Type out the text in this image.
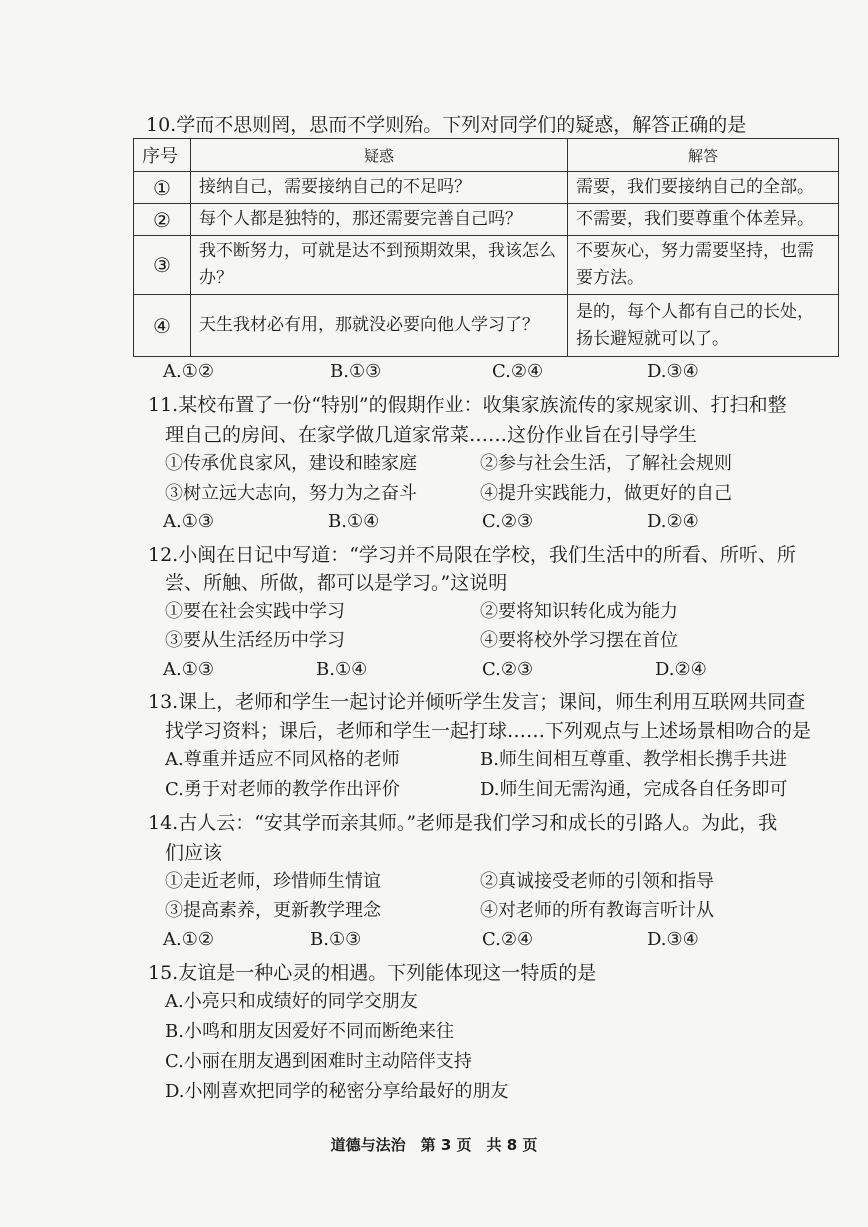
10.学而不思则罔，思而不学则殆。下列对同学们的疑惑，解答正确的是
序号	疑惑	解答
①	接纳自己，需要接纳自己的不足吗？	需要，我们要接纳自己的全部。
②	每个人都是独特的，那还需要完善自己吗？	不需要，我们要尊重个体差异。
③	我不断努力，可就是达不到预期效果，我该怎么办？	不要灰心，努力需要坚持，也需要方法。
④	天生我材必有用，那就没必要向他人学习了？	是的，每个人都有自己的长处，扬长避短就可以了。
A.①②	B.①③	C.②④	D.③④
11.某校布置了一份“特别”的假期作业：收集家族流传的家规家训、打扫和整
理自己的房间、在家学做几道家常菜……这份作业旨在引导学生
①传承优良家风，建设和睦家庭	②参与社会生活，了解社会规则
③树立远大志向，努力为之奋斗	④提升实践能力，做更好的自己
A.①③	B.①④	C.②③	D.②④
12.小闽在日记中写道：“学习并不局限在学校，我们生活中的所看、所听、所
尝、所触、所做，都可以是学习。”这说明
①要在社会实践中学习	②要将知识转化成为能力
③要从生活经历中学习	④要将校外学习摆在首位
A.①③	B.①④	C.②③	D.②④
13.课上，老师和学生一起讨论并倾听学生发言；课间，师生利用互联网共同查
找学习资料；课后，老师和学生一起打球……下列观点与上述场景相吻合的是
A.尊重并适应不同风格的老师	B.师生间相互尊重、教学相长携手共进
C.勇于对老师的教学作出评价	D.师生间无需沟通，完成各自任务即可
14.古人云：“安其学而亲其师。”老师是我们学习和成长的引路人。为此，我
们应该
①走近老师，珍惜师生情谊	②真诚接受老师的引领和指导
③提高素养，更新教学理念	④对老师的所有教诲言听计从
A.①②	B.①③	C.②④	D.③④
15.友谊是一种心灵的相遇。下列能体现这一特质的是
A.小亮只和成绩好的同学交朋友
B.小鸣和朋友因爱好不同而断绝来往
C.小丽在朋友遇到困难时主动陪伴支持
D.小刚喜欢把同学的秘密分享给最好的朋友
道德与法治　第 3 页　共 8 页
